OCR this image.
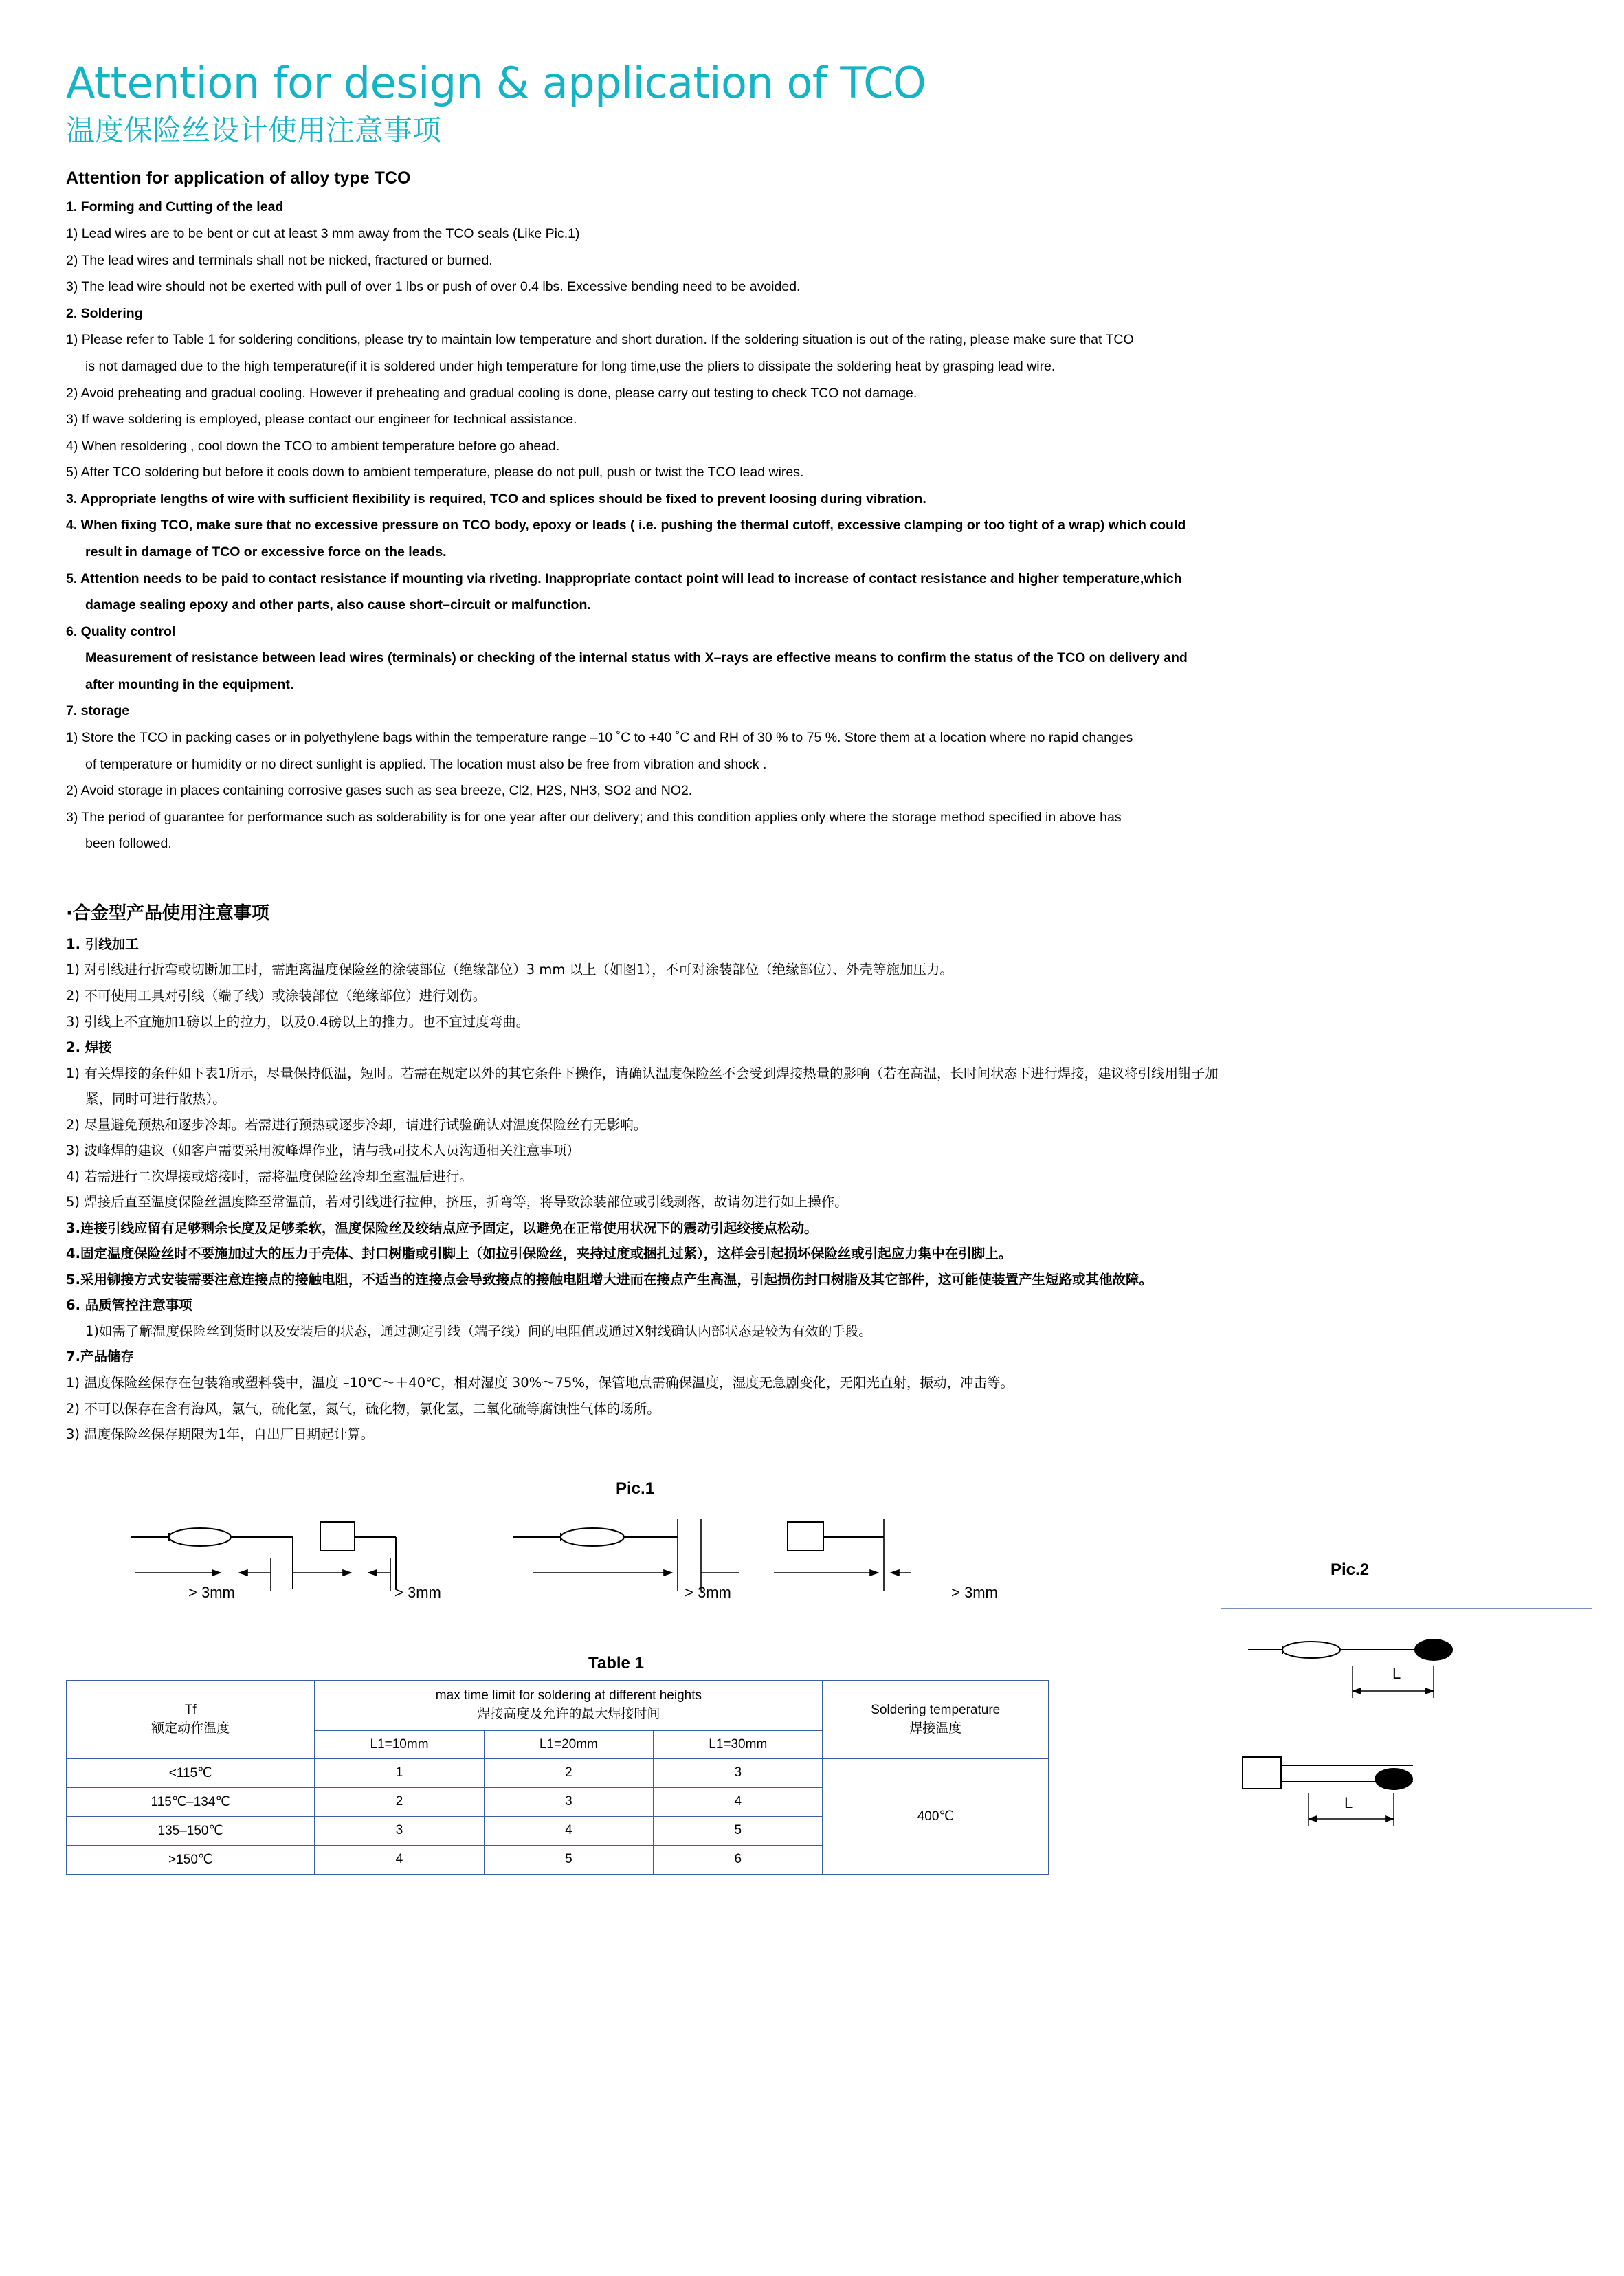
Attention for design & application of TCO
温度保险丝设计使用注意事项
Attention for application of alloy type TCO

1. Forming and Cutting of the lead

1) Lead wires are to be bent or cut at least 3 mm away from the TCO seals (Like Pic.1)

2) The lead wires and terminals shall not be nicked, fractured or burned.

3) The lead wire should not be exerted with pull of over 1 lbs or push of over 0.4 lbs. Excessive bending need to be avoided.

2. Soldering

1) Please refer to Table 1 for soldering conditions, please try to maintain low temperature and short duration. If the soldering situation is out of the rating, please make sure that TCO

is not damaged due to the high temperature(if it is soldered under high temperature for long time,use the pliers to dissipate the soldering heat by grasping lead wire.

2) Avoid preheating and gradual cooling. However if preheating and gradual cooling is done, please carry out testing to check TCO not damage.

3) If wave soldering is employed, please contact our engineer for technical assistance.

4) When resoldering , cool down the TCO to ambient temperature before go ahead.

5) After TCO soldering but before it cools down to ambient temperature, please do not pull, push or twist the TCO lead wires.

3. Appropriate lengths of wire with sufficient flexibility is required, TCO and splices should be fixed to prevent loosing during vibration.

4. When fixing TCO, make sure that no excessive pressure on TCO body, epoxy or leads ( i.e. pushing the thermal cutoff, excessive clamping or too tight of a wrap) which could

result in damage of TCO or excessive force on the leads.

5. Attention needs to be paid to contact resistance if mounting via riveting. Inappropriate contact point will lead to increase of contact resistance and higher temperature,which

damage sealing epoxy and other parts, also cause short–circuit or malfunction.

6. Quality control

Measurement of resistance between lead wires (terminals) or checking of the internal status with X–rays are effective means to confirm the status of the TCO on delivery and

after mounting in the equipment.

7. storage

1) Store the TCO in packing cases or in polyethylene bags within the temperature range –10 ˚C to +40 ˚C and RH of 30 % to 75 %. Store them at a location where no rapid changes

of temperature or humidity or no direct sunlight is applied. The location must also be free from vibration and shock .

2) Avoid storage in places containing corrosive gases such as sea breeze, Cl2, H2S, NH3, SO2 and NO2.

3) The period of guarantee for performance such as solderability is for one year after our delivery; and this condition applies only where the storage method specified in above has

been followed.

·合金型产品使用注意事项

1. 引线加工

1) 对引线进行折弯或切断加工时，需距离温度保险丝的涂装部位（绝缘部位）3 mm 以上（如图1），不可对涂装部位（绝缘部位）、外壳等施加压力。

2) 不可使用工具对引线（端子线）或涂装部位（绝缘部位）进行划伤。

3) 引线上不宜施加1磅以上的拉力，以及0.4磅以上的推力。也不宜过度弯曲。

2. 焊接

1) 有关焊接的条件如下表1所示，尽量保持低温，短时。若需在规定以外的其它条件下操作，请确认温度保险丝不会受到焊接热量的影响（若在高温，长时间状态下进行焊接，建议将引线用钳子加

紧，同时可进行散热）。

2) 尽量避免预热和逐步冷却。若需进行预热或逐步冷却，请进行试验确认对温度保险丝有无影响。

3) 波峰焊的建议（如客户需要采用波峰焊作业，请与我司技术人员沟通相关注意事项）

4) 若需进行二次焊接或熔接时，需将温度保险丝冷却至室温后进行。

5) 焊接后直至温度保险丝温度降至常温前，若对引线进行拉伸，挤压，折弯等，将导致涂装部位或引线剥落，故请勿进行如上操作。

3.连接引线应留有足够剩余长度及足够柔软，温度保险丝及绞结点应予固定，以避免在正常使用状况下的震动引起绞接点松动。

4.固定温度保险丝时不要施加过大的压力于壳体、封口树脂或引脚上（如拉引保险丝，夹持过度或捆扎过紧），这样会引起损坏保险丝或引起应力集中在引脚上。

5.采用铆接方式安装需要注意连接点的接触电阻，不适当的连接点会导致接点的接触电阻增大进而在接点产生高温，引起损伤封口树脂及其它部件，这可能使装置产生短路或其他故障。

6. 品质管控注意事项

1)如需了解温度保险丝到货时以及安装后的状态，通过测定引线（端子线）间的电阻值或通过X射线确认内部状态是较为有效的手段。

7.产品储存

1) 温度保险丝保存在包装箱或塑料袋中，温度 –10℃～＋40℃，相对湿度 30%～75%，保管地点需确保温度，湿度无急剧变化，无阳光直射，振动，冲击等。

2) 不可以保存在含有海风，氯气，硫化氢，氮气，硫化物，氯化氢，二氧化硫等腐蚀性气体的场所。

3) 温度保险丝保存期限为1年，自出厂日期起计算。

Pic.1
Pic.2
> 3mm	> 3mm	> 3mm	> 3mm
L
L
Table 1
Tf
额定动作温度

max time limit for soldering at different heights
焊接高度及允许的最大焊接时间	Soldering temperature
焊接温度

	L1=10mm	L1=20mm	L1=30mm	
<115℃	1	2	3	400℃
115℃–134℃	2	3	4	
135–150℃	3	4	5	
>150℃	4	5	6	
